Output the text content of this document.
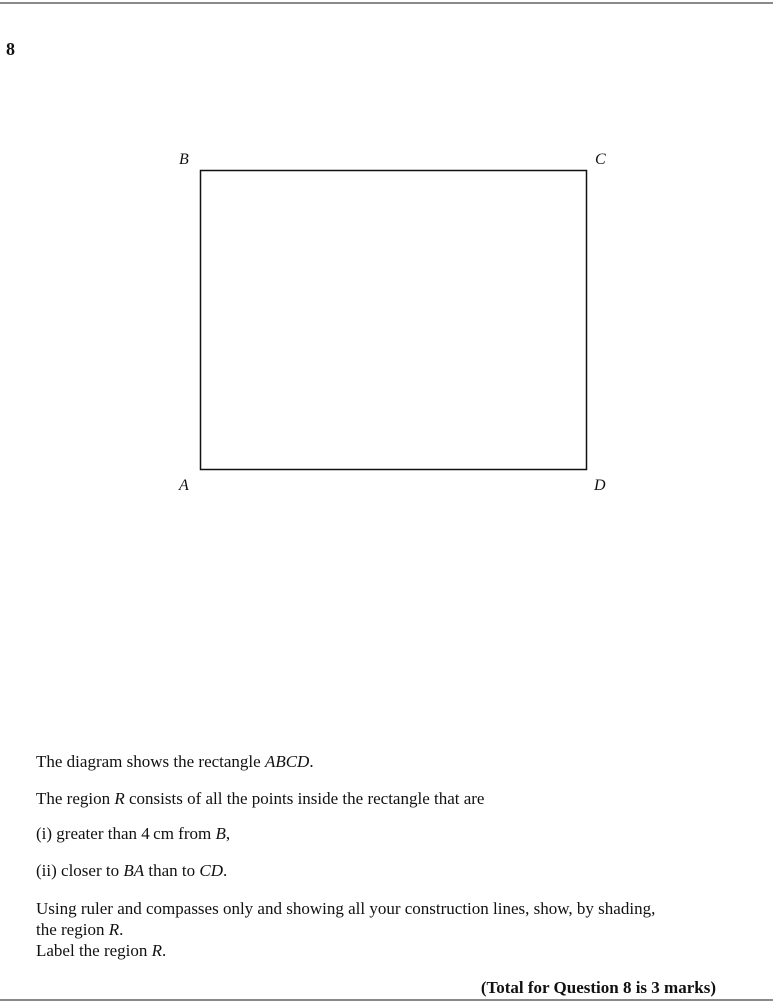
8
B	C
A	D
The diagram shows the rectangle ABCD.
The region R consists of all the points inside the rectangle that are
(i) greater than 4 cm from B,
(ii) closer to BA than to CD.
Using ruler and compasses only and showing all your construction lines, show, by shading, the region R.
Label the region R.
(Total for Question 8 is 3 marks)
